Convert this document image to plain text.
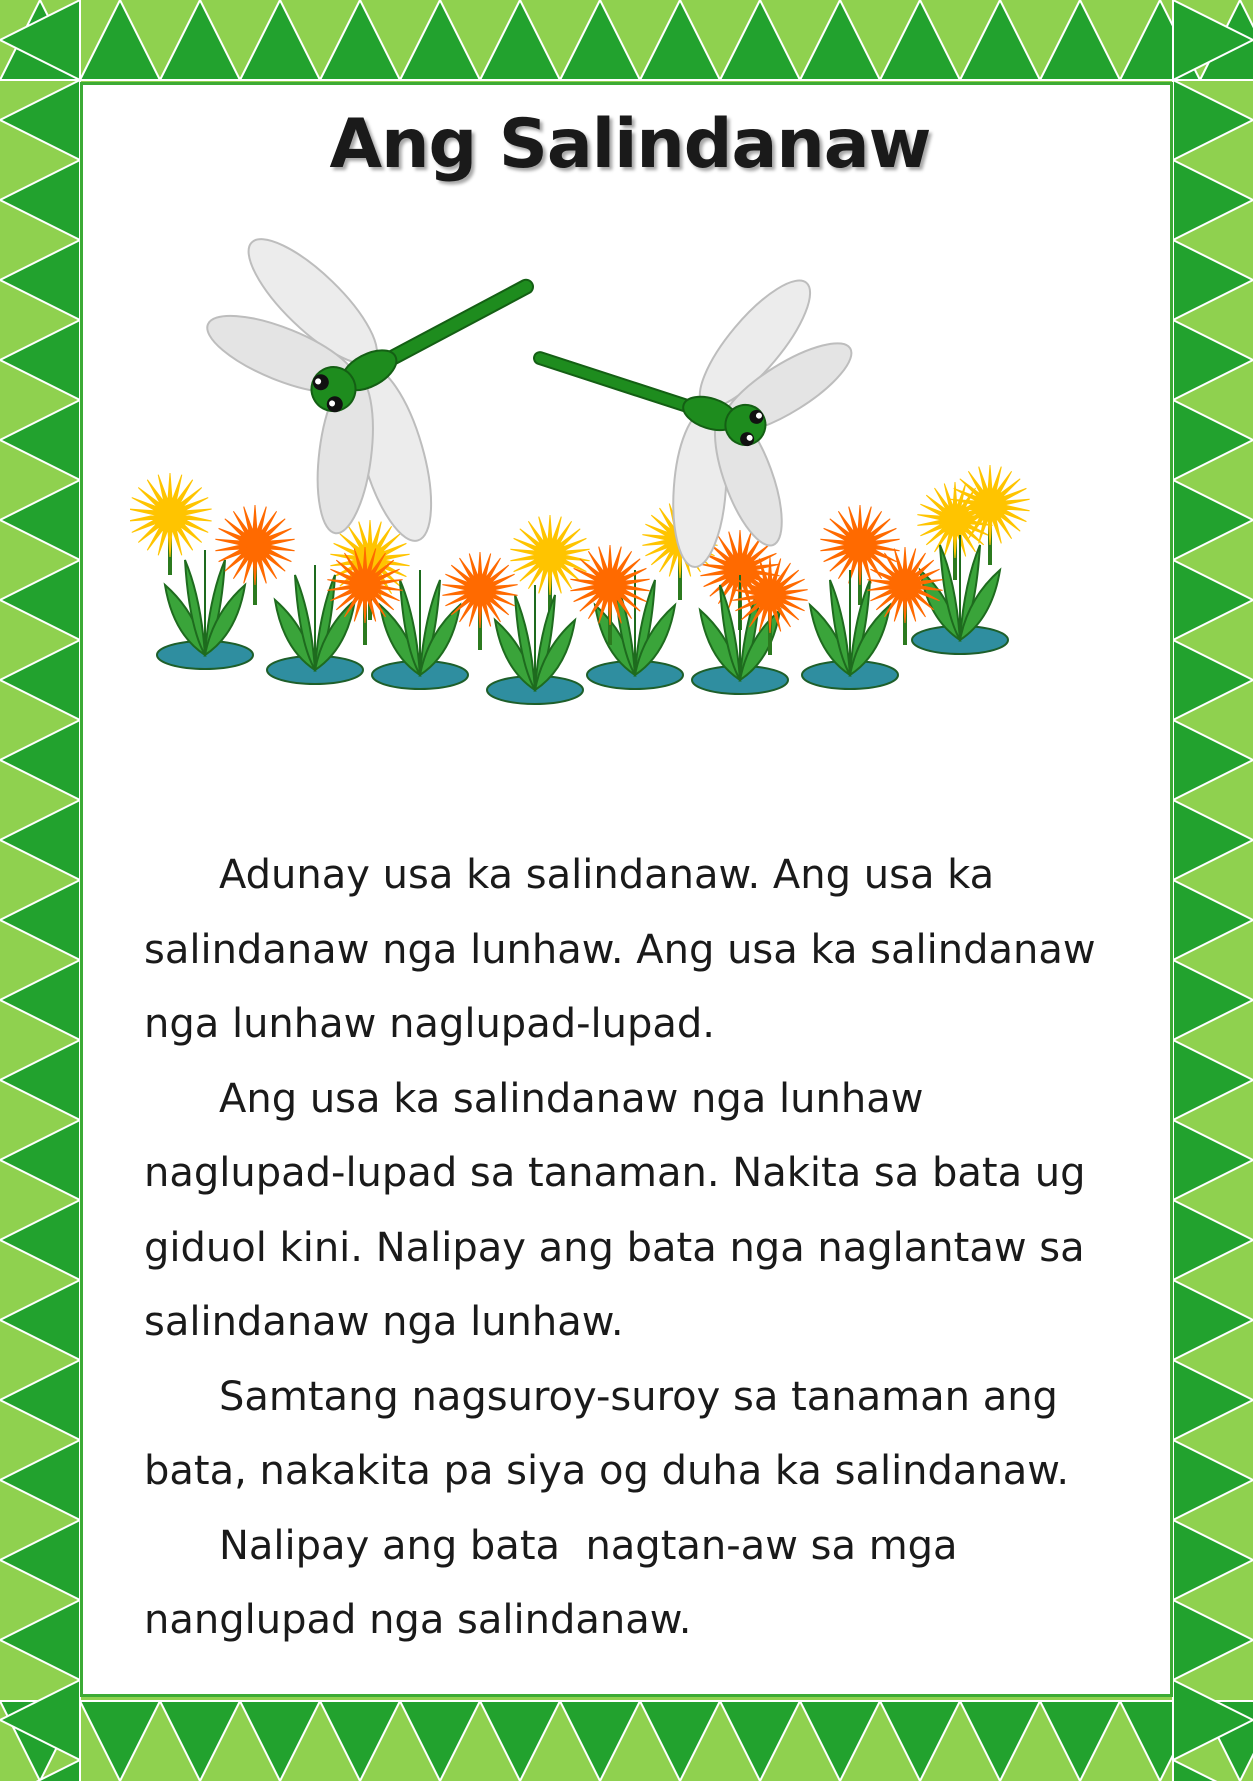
Ang Salindanaw
Adunay usa ka salindanaw. Ang usa ka
salindanaw nga lunhaw. Ang usa ka salindanaw
nga lunhaw naglupad-lupad.
Ang usa ka salindanaw nga lunhaw
naglupad-lupad sa tanaman. Nakita sa bata ug
giduol kini. Nalipay ang bata nga naglantaw sa
salindanaw nga lunhaw.
Samtang nagsuroy-suroy sa tanaman ang
bata, nakakita pa siya og duha ka salindanaw.
Nalipay ang bata  nagtan-aw sa mga
nanglupad nga salindanaw.
